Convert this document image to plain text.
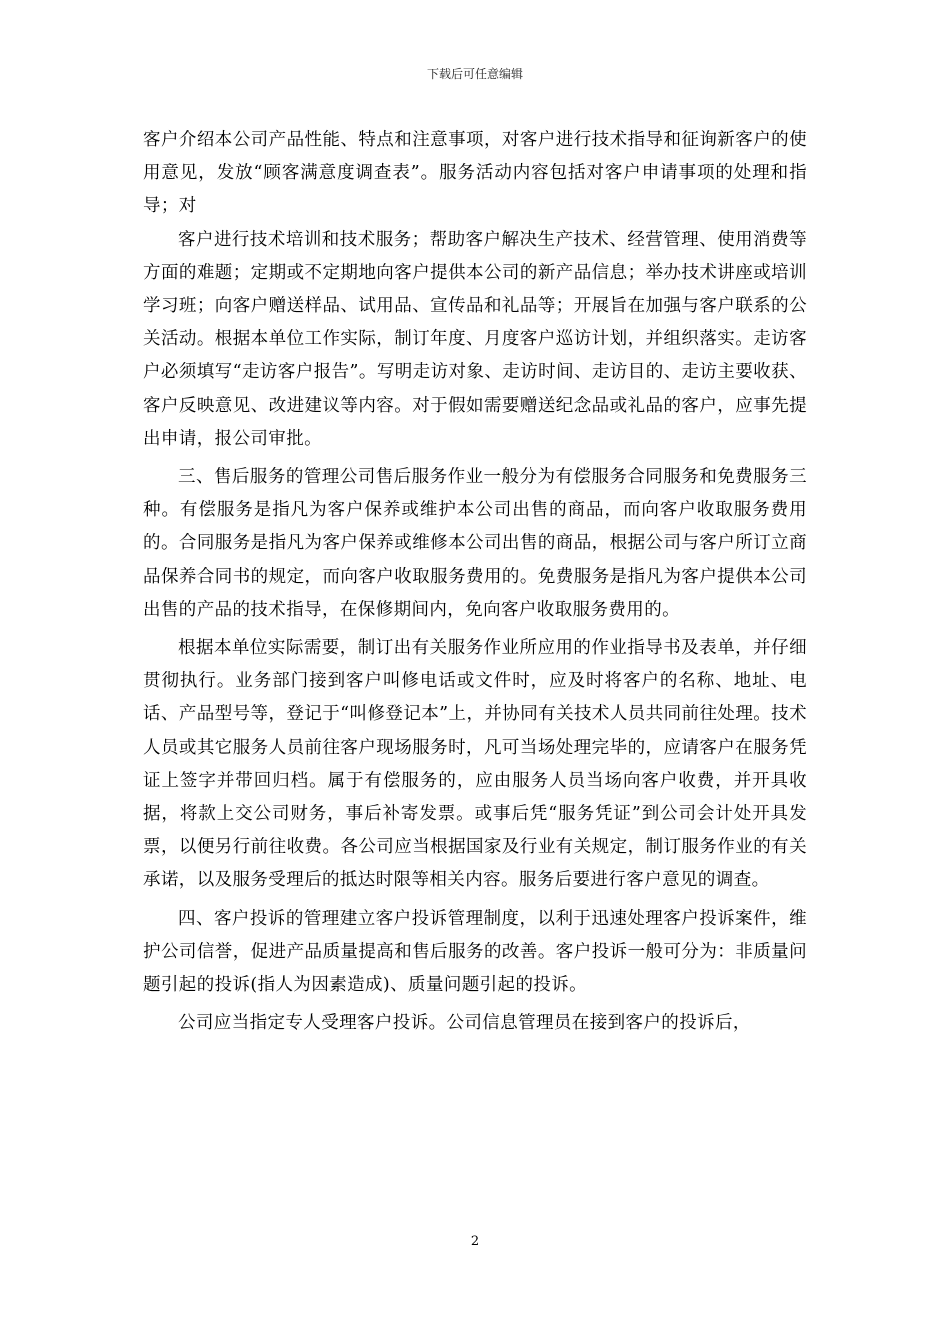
下载后可任意编辑

客户介绍本公司产品性能、特点和注意事项，对客户进行技术指导和征询新客户的使用意见，发放“顾客满意度调查表”。服务活动内容包括对客户申请事项的处理和指导；对

客户进行技术培训和技术服务；帮助客户解决生产技术、经营管理、使用消费等方面的难题；定期或不定期地向客户提供本公司的新产品信息；举办技术讲座或培训学习班；向客户赠送样品、试用品、宣传品和礼品等；开展旨在加强与客户联系的公关活动。根据本单位工作实际，制订年度、月度客户巡访计划，并组织落实。走访客户必须填写“走访客户报告”。写明走访对象、走访时间、走访目的、走访主要收获、客户反映意见、改进建议等内容。对于假如需要赠送纪念品或礼品的客户，应事先提出申请，报公司审批。

三、售后服务的管理公司售后服务作业一般分为有偿服务合同服务和免费服务三种。有偿服务是指凡为客户保养或维护本公司出售的商品，而向客户收取服务费用的。合同服务是指凡为客户保养或维修本公司出售的商品，根据公司与客户所订立商品保养合同书的规定，而向客户收取服务费用的。免费服务是指凡为客户提供本公司出售的产品的技术指导，在保修期间内，免向客户收取服务费用的。

根据本单位实际需要，制订出有关服务作业所应用的作业指导书及表单，并仔细贯彻执行。业务部门接到客户叫修电话或文件时，应及时将客户的名称、地址、电话、产品型号等，登记于“叫修登记本”上，并协同有关技术人员共同前往处理。技术人员或其它服务人员前往客户现场服务时，凡可当场处理完毕的，应请客户在服务凭证上签字并带回归档。属于有偿服务的，应由服务人员当场向客户收费，并开具收据，将款上交公司财务，事后补寄发票。或事后凭“服务凭证”到公司会计处开具发票，以便另行前往收费。各公司应当根据国家及行业有关规定，制订服务作业的有关承诺，以及服务受理后的抵达时限等相关内容。服务后要进行客户意见的调查。

四、客户投诉的管理建立客户投诉管理制度，以利于迅速处理客户投诉案件，维护公司信誉，促进产品质量提高和售后服务的改善。客户投诉一般可分为：非质量问题引起的投诉(指人为因素造成)、质量问题引起的投诉。

公司应当指定专人受理客户投诉。公司信息管理员在接到客户的投诉后，

2
